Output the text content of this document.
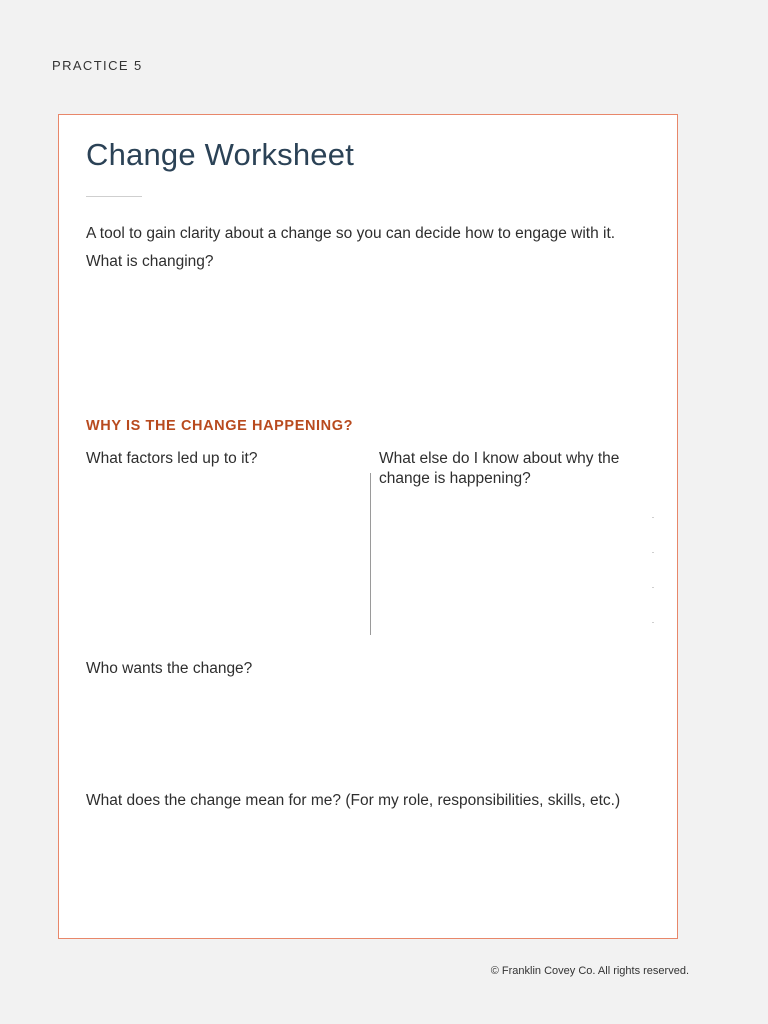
PRACTICE 5
Change Worksheet
A tool to gain clarity about a change so you can decide how to engage with it.
What is changing?
WHY IS THE CHANGE HAPPENING?
What factors led up to it?	What else do I know about why the change is happening?
Who wants the change?
What does the change mean for me? (For my role, responsibilities, skills, etc.)
© Franklin Covey Co. All rights reserved.
